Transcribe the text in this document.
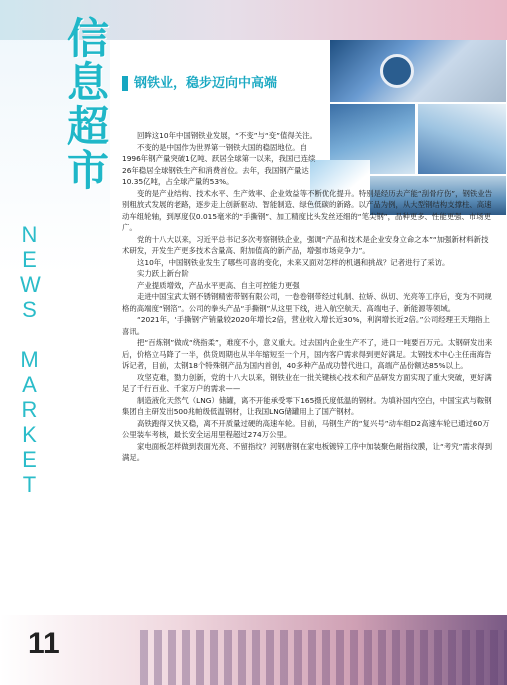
信
息
超
市
N
E
W
S
M
A
R
K
E
T
钢铁业，稳步迈向中高端

回眸这10年中国钢铁业发展，“不变”与“变”值得关注。

不变的是中国作为世界第一钢铁大国的稳固地位。自1996年钢产量突破1亿吨、跃居全球第一以来，我国已连续26年稳居全球钢铁生产和消费首位。去年，我国钢产量达10.35亿吨，占全球产量的53%。

变的是产业结构、技术水平、生产效率、企业效益等不断优化提升。特别是经历去产能“刮骨疗伤”，钢铁业告别粗放式发展的老路，逐步走上创新驱动、智能制造、绿色低碳的新路。以产品为例，从大型钢结构支撑柱、高速动车组轮轴，到厚度仅0.015毫米的“手撕钢”、加工精度比头发丝还细的“笔尖钢”，品种更多、性能更强、市场更广。

党的十八大以来，习近平总书记多次考察钢铁企业，强调“产品和技术是企业安身立命之本”“加强新材料新技术研发，开发生产更多技术含量高、附加值高的新产品，增强市场竞争力”。

这10年，中国钢铁业发生了哪些可喜的变化，未来又面对怎样的机遇和挑战？记者进行了采访。

实力跃上新台阶

产业提质增效，产品水平更高、自主可控能力更强

走进中国宝武太钢不锈钢精密带钢有限公司，一卷卷钢带经过轧制、拉矫、纵切、光亮等工序后，变为不同规格的高端度“钢箔”。公司的拳头产品“手撕钢”从这里下线，进入航空航天、高端电子、新能源等领域。

“2021年，‘手撕钢’产销量较2020年增长2倍，营业收入增长近30%，利润增长近2倍。”公司经理王天翔指上喜讯。

把“百炼钢”做成“绕指柔”，难度不小，意义重大。过去国内企业生产不了，进口一吨要百万元。太钢研发出来后，价格立马降了一半，供货周期也从半年缩短至一个月，国内客户需求得到更好满足。太钢技术中心主任南海告诉记者，目前，太钢18个特殊钢产品为国内首创，40多种产品成功替代进口，高端产品份额达85%以上。

攻坚克难，勠力创新，党的十八大以来，钢铁业在一批关键核心技术和产品研发方面实现了重大突破，更好满足了千行百业、千家万户的需求——

制造液化天然气（LNG）储罐，离不开能承受零下165摄氏度低温的钢材。为填补国内空白，中国宝武与鞍钢集团自主研发出500兆帕级低温钢材，让我国LNG储罐用上了国产钢材。

高铁跑得又快又稳，离不开质量过硬的高速车轮。目前，马钢生产的“复兴号”动车组D2高速车轮已通过60万公里装车考核，最长安全运用里程超过274万公里。

家电面板怎样做到表面光亮、不留指纹？河钢唐钢在家电板镀锌工序中加装聚色耐指纹膜，让“考究”需求得到满足。

11
